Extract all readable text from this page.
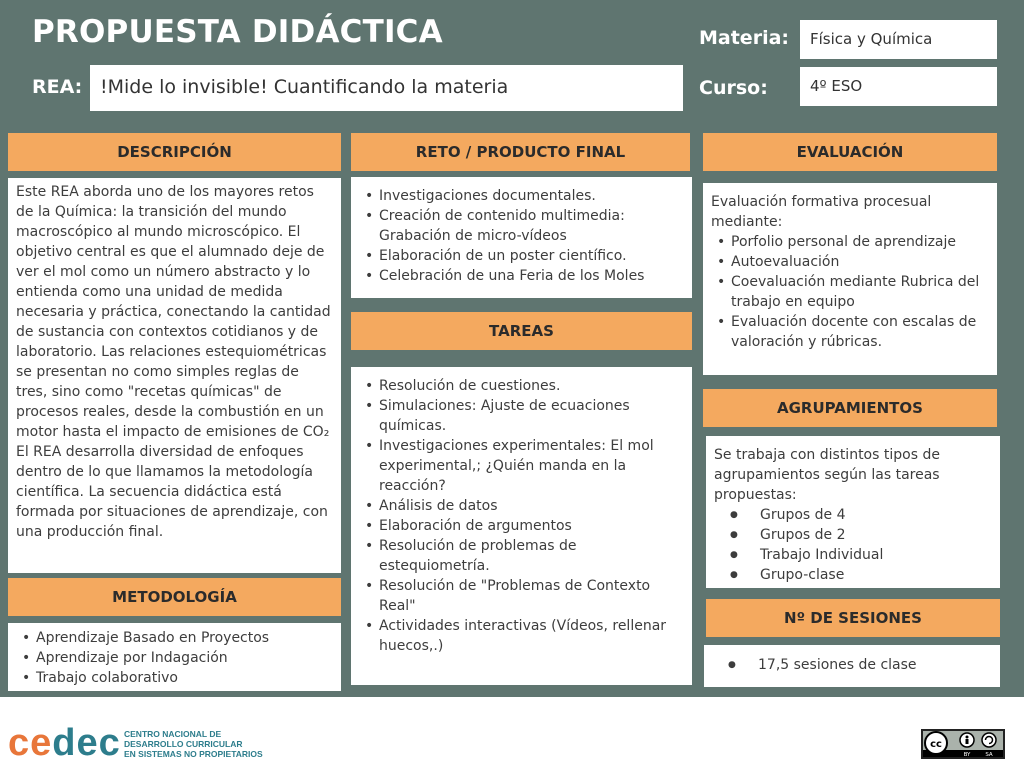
PROPUESTA DIDÁCTICA
REA: !Mide lo invisible! Cuantificando la materia
Materia:	Física y Química
Curso:	4º ESO
DESCRIPCIÓN
Este REA aborda uno de los mayores retos de la Química: la transición del mundo macroscópico al mundo microscópico. El objetivo central es que el alumnado deje de ver el mol como un número abstracto y lo entienda como una unidad de medida necesaria y práctica, conectando la cantidad de sustancia con contextos cotidianos y de laboratorio. Las relaciones estequiométricas se presentan no como simples reglas de tres, sino como "recetas químicas" de procesos reales, desde la combustión en un motor hasta el impacto de emisiones de CO₂
El REA desarrolla diversidad de enfoques dentro de lo que llamamos la metodología científica. La secuencia didáctica está formada por situaciones de aprendizaje, con una producción final.
METODOLOGÍA
• Aprendizaje Basado en Proyectos
• Aprendizaje por Indagación
• Trabajo colaborativo
RETO / PRODUCTO FINAL
• Investigaciones documentales.
• Creación de contenido multimedia: Grabación de micro-vídeos
• Elaboración de un poster científico.
• Celebración de una Feria de los Moles
TAREAS
• Resolución de cuestiones.
• Simulaciones: Ajuste de ecuaciones químicas.
• Investigaciones experimentales: El mol experimental,; ¿Quién manda en la reacción?
• Análisis de datos
• Elaboración de argumentos
• Resolución de problemas de estequiometría.
• Resolución de "Problemas de Contexto Real"
• Actividades interactivas (Vídeos, rellenar huecos,.)
EVALUACIÓN
Evaluación formativa procesual mediante:
• Porfolio personal de aprendizaje
• Autoevaluación
• Coevaluación mediante Rubrica del trabajo en equipo
• Evaluación docente con escalas de valoración y rúbricas.
AGRUPAMIENTOS
Se trabaja con distintos tipos de agrupamientos según las tareas propuestas:
● Grupos de 4
● Grupos de 2
● Trabajo Individual
● Grupo-clase
Nº DE SESIONES
● 17,5 sesiones de clase
cedec CENTRO NACIONAL DE
DESARROLLO CURRICULAR
EN SISTEMAS NO PROPIETARIOS
cc
BY	SA
